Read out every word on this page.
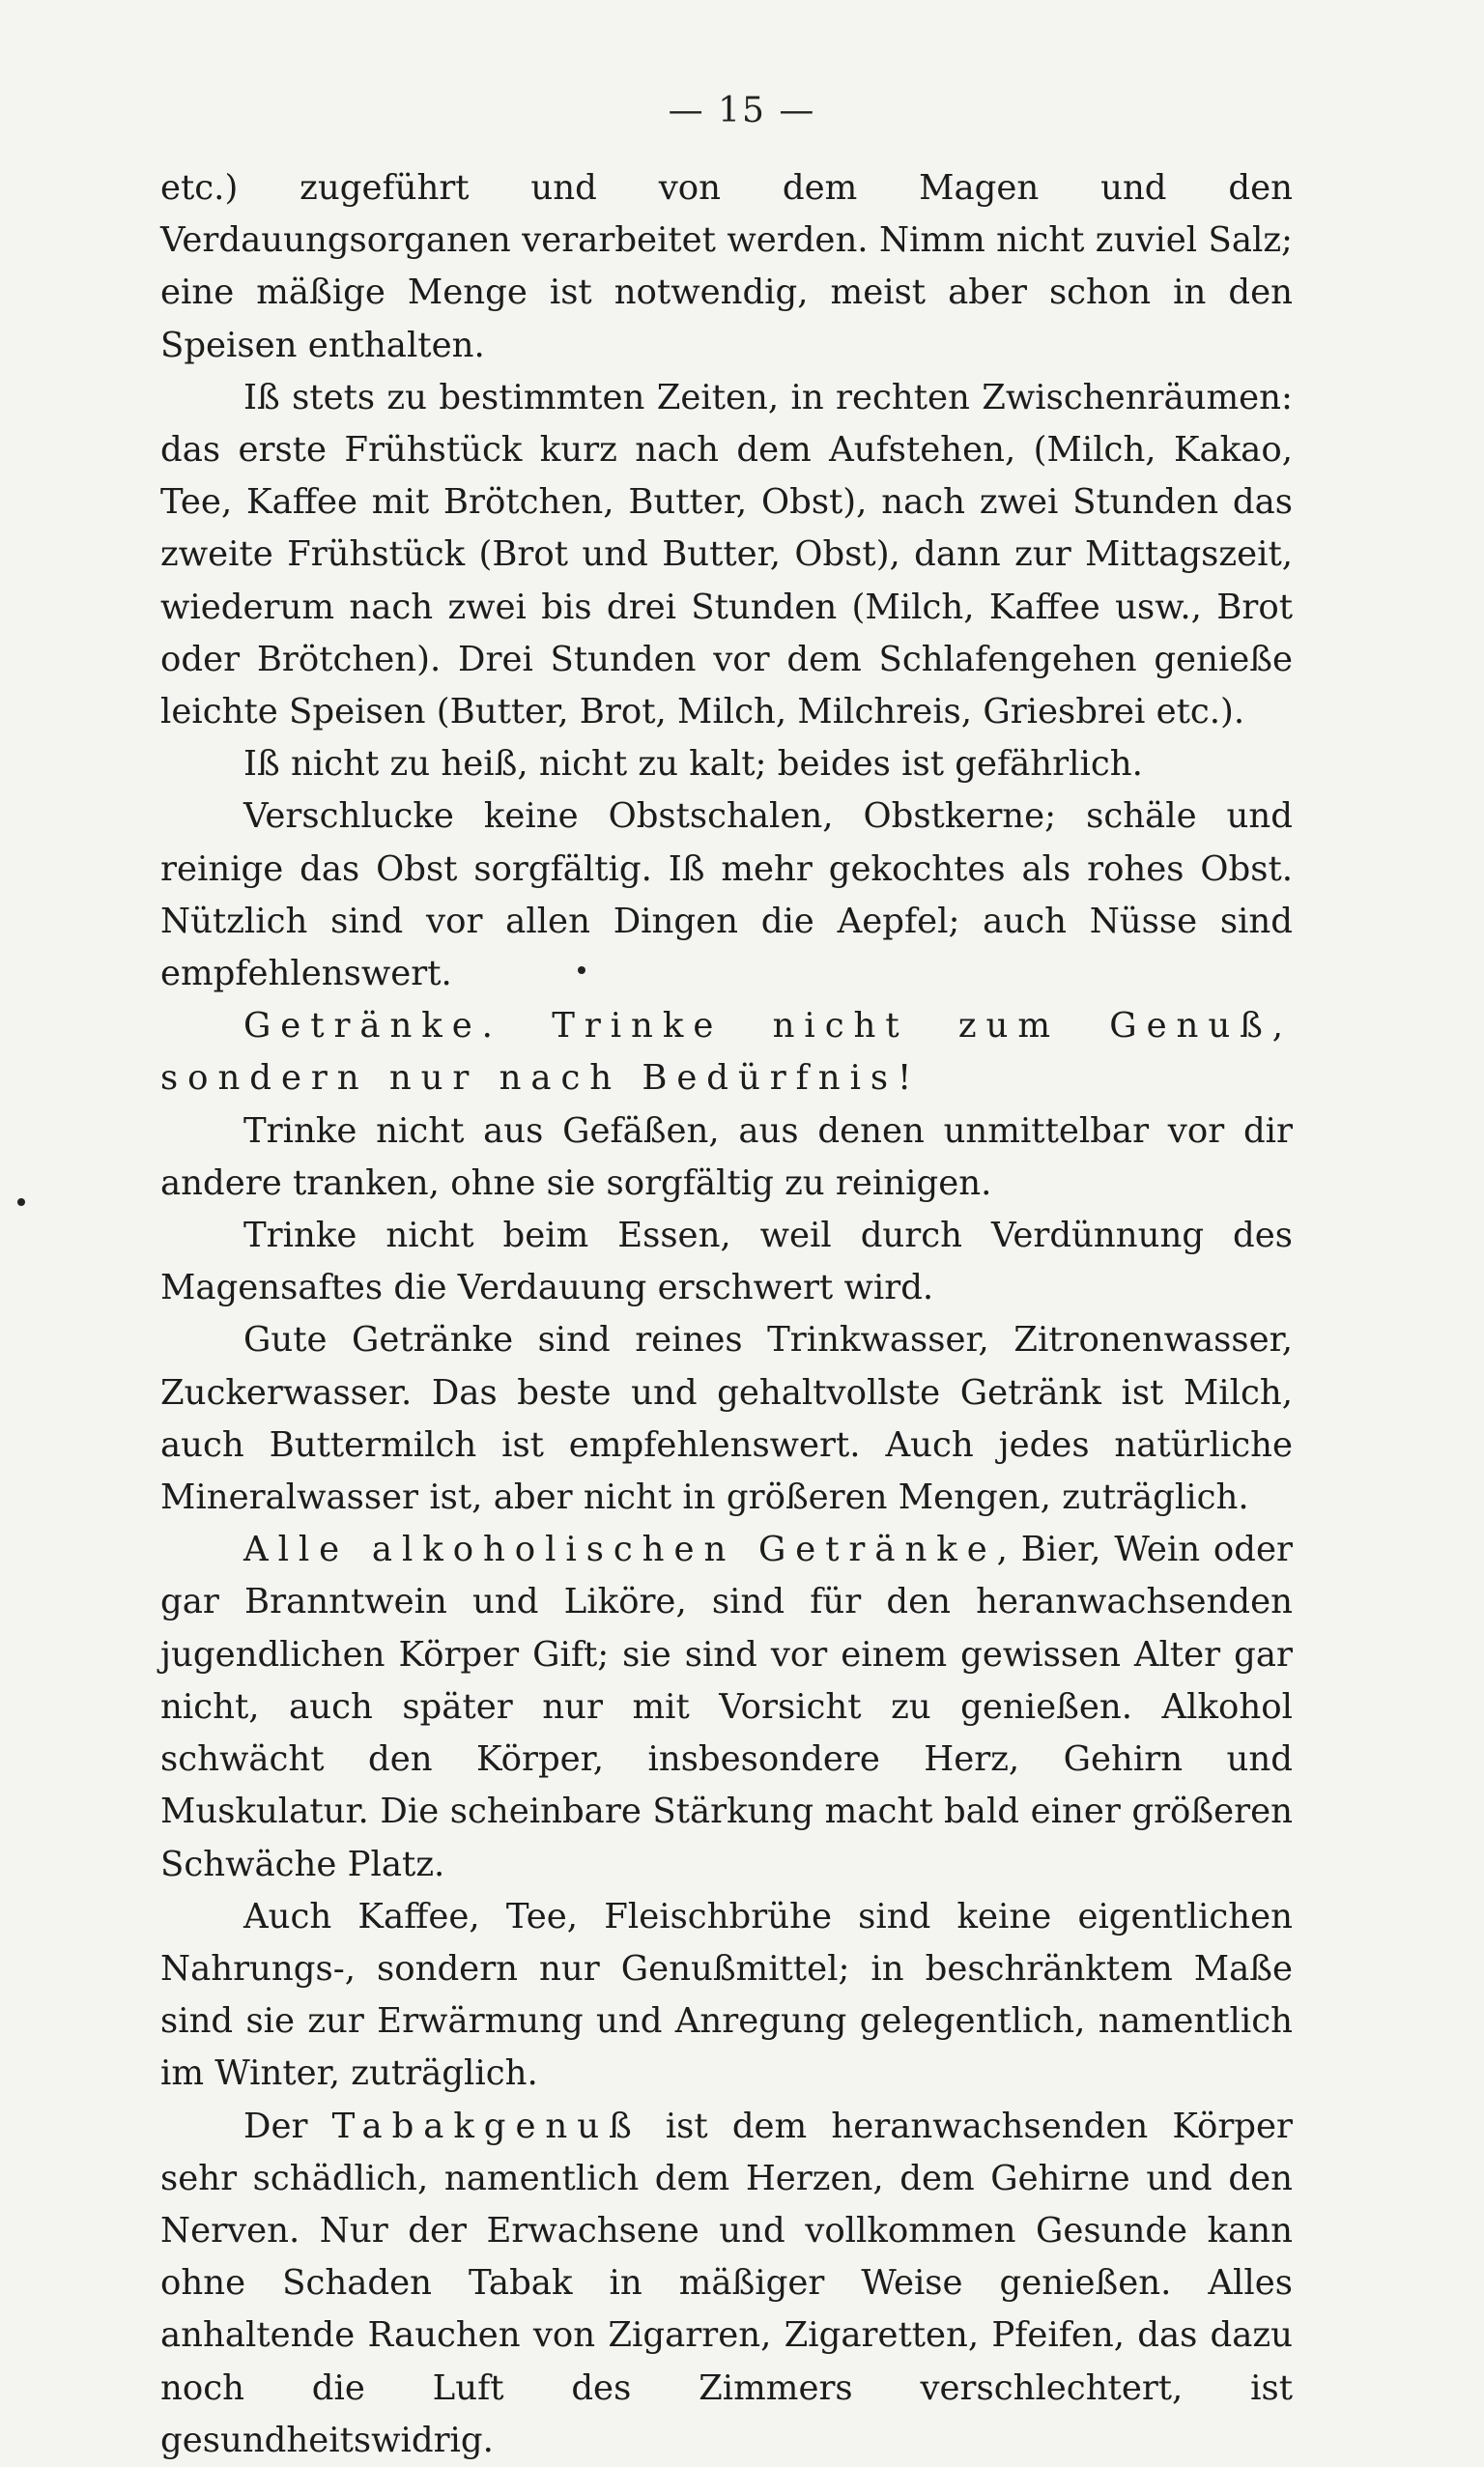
— 15 —

etc.) zugeführt und von dem Magen und den Verdauungsorganen verarbeitet werden. Nimm nicht zuviel Salz; eine mäßige Menge ist notwendig, meist aber schon in den Speisen enthalten.

Iß stets zu bestimmten Zeiten, in rechten Zwischenräumen: das erste Frühstück kurz nach dem Aufstehen, (Milch, Kakao, Tee, Kaffee mit Brötchen, Butter, Obst), nach zwei Stunden das zweite Frühstück (Brot und Butter, Obst), dann zur Mittagszeit, wiederum nach zwei bis drei Stunden (Milch, Kaffee usw., Brot oder Brötchen). Drei Stunden vor dem Schlafengehen genieße leichte Speisen (Butter, Brot, Milch, Milchreis, Griesbrei etc.).

Iß nicht zu heiß, nicht zu kalt; beides ist gefährlich.

Verschlucke keine Obstschalen, Obstkerne; schäle und reinige das Obst sorgfältig. Iß mehr gekochtes als rohes Obst. Nützlich sind vor allen Dingen die Aepfel; auch Nüsse sind empfehlenswert.

Getränke. Trinke nicht zum Genuß, sondern nur nach Bedürfnis!

Trinke nicht aus Gefäßen, aus denen unmittelbar vor dir andere tranken, ohne sie sorgfältig zu reinigen.

Trinke nicht beim Essen, weil durch Verdünnung des Magensaftes die Verdauung erschwert wird.

Gute Getränke sind reines Trinkwasser, Zitronenwasser, Zuckerwasser. Das beste und gehaltvollste Getränk ist Milch, auch Buttermilch ist empfehlenswert. Auch jedes natürliche Mineralwasser ist, aber nicht in größeren Mengen, zuträglich.

Alle alkoholischen Getränke, Bier, Wein oder gar Branntwein und Liköre, sind für den heranwachsenden jugendlichen Körper Gift; sie sind vor einem gewissen Alter gar nicht, auch später nur mit Vorsicht zu genießen. Alkohol schwächt den Körper, insbesondere Herz, Gehirn und Muskulatur. Die scheinbare Stärkung macht bald einer größeren Schwäche Platz.

Auch Kaffee, Tee, Fleischbrühe sind keine eigentlichen Nahrungs-, sondern nur Genußmittel; in beschränktem Maße sind sie zur Erwärmung und Anregung gelegentlich, namentlich im Winter, zuträglich.

Der Tabakgenuß ist dem heranwachsenden Körper sehr schädlich, namentlich dem Herzen, dem Gehirne und den Nerven. Nur der Erwachsene und vollkommen Gesunde kann ohne Schaden Tabak in mäßiger Weise genießen. Alles anhaltende Rauchen von Zigarren, Zigaretten, Pfeifen, das dazu noch die Luft des Zimmers verschlechtert, ist gesundheitswidrig.
